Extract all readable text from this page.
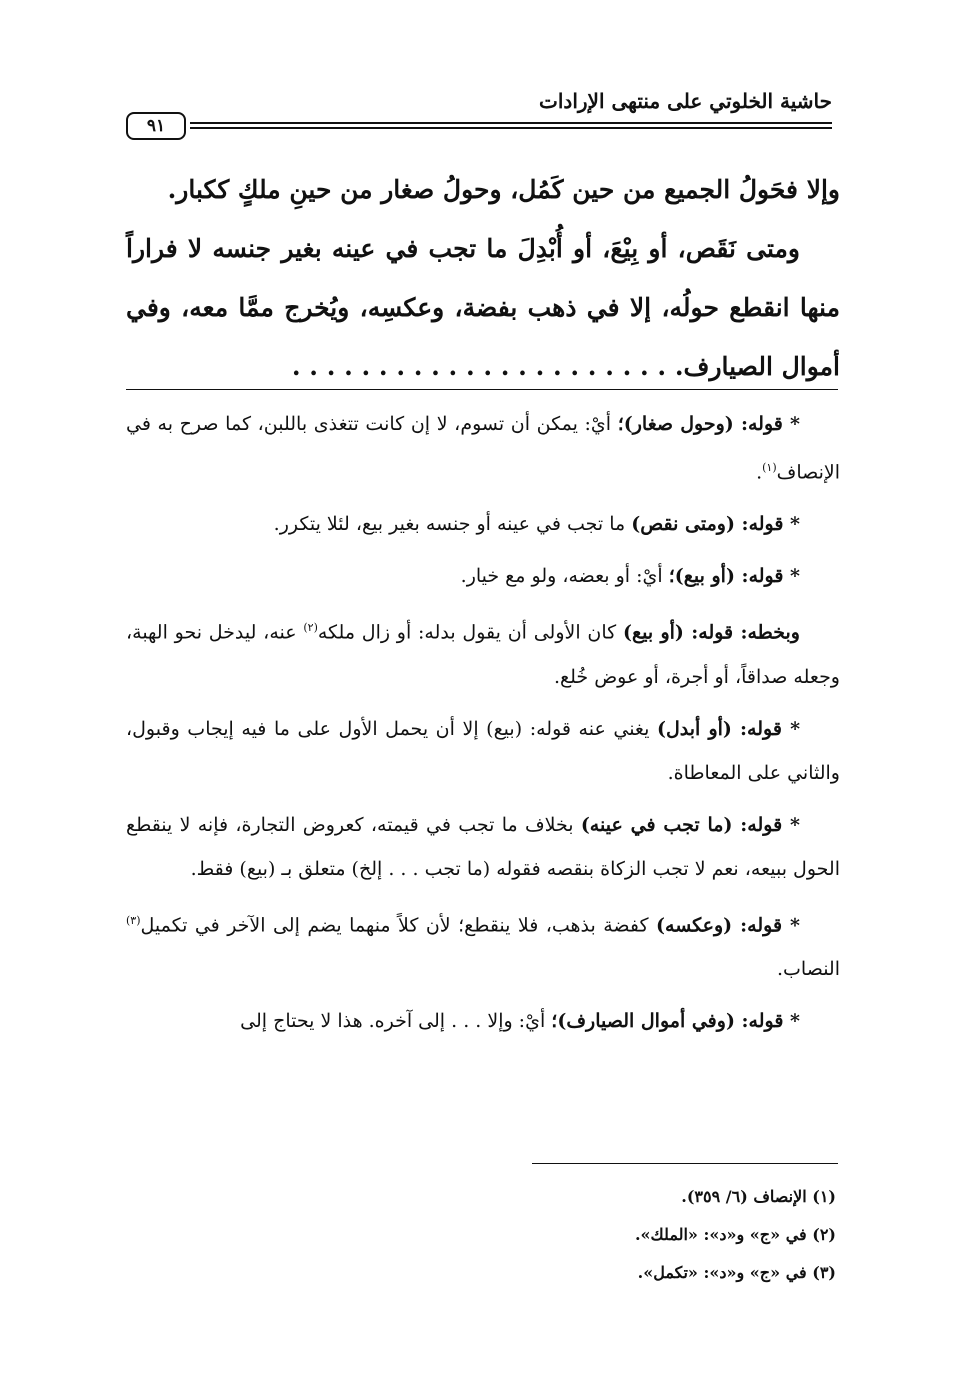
حاشية الخلوتي على منتهى الإرادات
٩١

وإلا فحَولُ الجميع من حين كَمُل، وحولُ صغار من حينِ ملكٍ ككبار.

ومتى نَقَص، أو بِيْعَ، أو أُبْدِلَ ما تجب في عينه بغير جنسه لا فراراً منها انقطع حولُه، إلا في ذهب بفضة، وعكسِه، ويُخرج ممَّا معه، وفي أموال الصيارف. . . . . . . . . . . . . . . . . . . . . . .

* قوله: (وحول صغار)؛ أيْ: يمكن أن تسوم، لا إن كانت تتغذى باللبن، كما صرح به في الإنصاف$^{(١)}$.

* قوله: (ومتى نقص) ما تجب في عينه أو جنسه بغير بيع، لئلا يتكرر.

* قوله: (أو بيع)؛ أيْ: أو بعضه، ولو مع خيار.

وبخطه: قوله: (أو بيع) كان الأولى أن يقول بدله: أو زال ملكه$^{(٢)}$ عنه، ليدخل نحو الهبة، وجعله صداقاً، أو أجرة، أو عوض خُلع.

* قوله: (أو أبدل) يغني عنه قوله: (بيع) إلا أن يحمل الأول على ما فيه إيجاب وقبول، والثاني على المعاطاة.

* قوله: (ما تجب في عينه) بخلاف ما تجب في قيمته، كعروض التجارة، فإنه لا ينقطع الحول ببيعه، نعم لا تجب الزكاة بنقصه فقوله (ما تجب . . . إلخ) متعلق بـ (بيع) فقط.

* قوله: (وعكسه) كفضة بذهب، فلا ينقطع؛ لأن كلاً منهما يضم إلى الآخر في تكميل$^{(٣)}$ النصاب.

* قوله: (وفي أموال الصيارف)؛ أيْ: وإلا . . . إلى آخره. هذا لا يحتاج إلى

(١) الإنصاف (٦/ ٣٥٩).

(٢) في «ج» و«د»: «الملك».

(٣) في «ج» و«د»: «تكمل».
